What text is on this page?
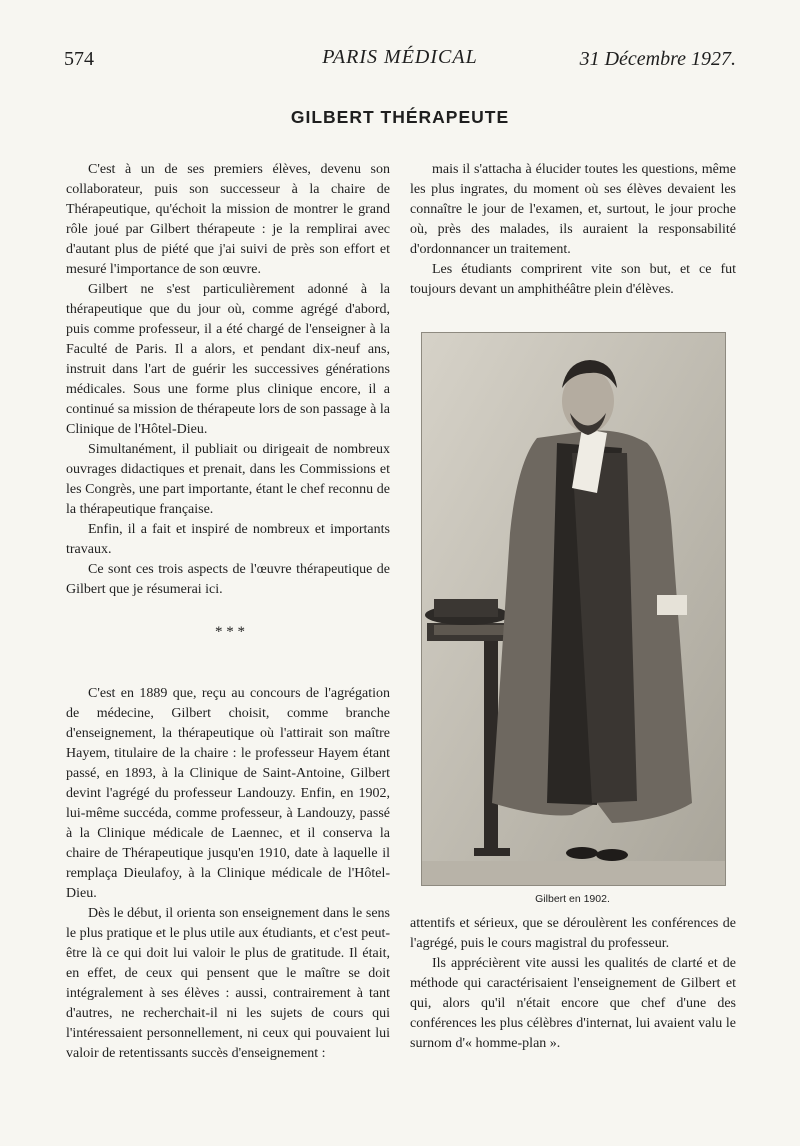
574	PARIS MÉDICAL	31 Décembre 1927.
GILBERT THÉRAPEUTE

C'est à un de ses premiers élèves, devenu son collaborateur, puis son successeur à la chaire de Thérapeutique, qu'échoit la mission de montrer le grand rôle joué par Gilbert thérapeute : je la remplirai avec d'autant plus de piété que j'ai suivi de près son effort et mesuré l'importance de son œuvre.

Gilbert ne s'est particulièrement adonné à la thérapeutique que du jour où, comme agrégé d'abord, puis comme professeur, il a été chargé de l'enseigner à la Faculté de Paris. Il a alors, et pendant dix-neuf ans, instruit dans l'art de guérir les successives générations médicales. Sous une forme plus clinique encore, il a continué sa mission de thérapeute lors de son passage à la Clinique de l'Hôtel-Dieu.

Simultanément, il publiait ou dirigeait de nombreux ouvrages didactiques et prenait, dans les Commissions et les Congrès, une part importante, étant le chef reconnu de la thérapeutique française.

Enfin, il a fait et inspiré de nombreux et importants travaux.

Ce sont ces trois aspects de l'œuvre thérapeutique de Gilbert que je résumerai ici.

* * *

C'est en 1889 que, reçu au concours de l'agrégation de médecine, Gilbert choisit, comme branche d'enseignement, la thérapeutique où l'attirait son maître Hayem, titulaire de la chaire : le professeur Hayem étant passé, en 1893, à la Clinique de Saint-Antoine, Gilbert devint l'agrégé du professeur Landouzy. Enfin, en 1902, lui-même succéda, comme professeur, à Landouzy, passé à la Clinique médicale de Laennec, et il conserva la chaire de Thérapeutique jusqu'en 1910, date à laquelle il remplaça Dieulafoy, à la Clinique médicale de l'Hôtel-Dieu.

Dès le début, il orienta son enseignement dans le sens le plus pratique et le plus utile aux étudiants, et c'est peut-être là ce qui doit lui valoir le plus de gratitude. Il était, en effet, de ceux qui pensent que le maître se doit intégralement à ses élèves : aussi, contrairement à tant d'autres, ne recherchait-il ni les sujets de cours qui l'intéressaient personnellement, ni ceux qui pouvaient lui valoir de retentissants succès d'enseignement :

mais il s'attacha à élucider toutes les questions, même les plus ingrates, du moment où ses élèves devaient les connaître le jour de l'examen, et, surtout, le jour proche où, près des malades, ils auraient la responsabilité d'ordonnancer un traitement.

Les étudiants comprirent vite son but, et ce fut toujours devant un amphithéâtre plein d'élèves.

Gilbert en 1902.

attentifs et sérieux, que se déroulèrent les conférences de l'agrégé, puis le cours magistral du professeur.

Ils apprécièrent vite aussi les qualités de clarté et de méthode qui caractérisaient l'enseignement de Gilbert et qui, alors qu'il n'était encore que chef d'une des conférences les plus célèbres d'internat, lui avaient valu le surnom d'« homme-plan ».
